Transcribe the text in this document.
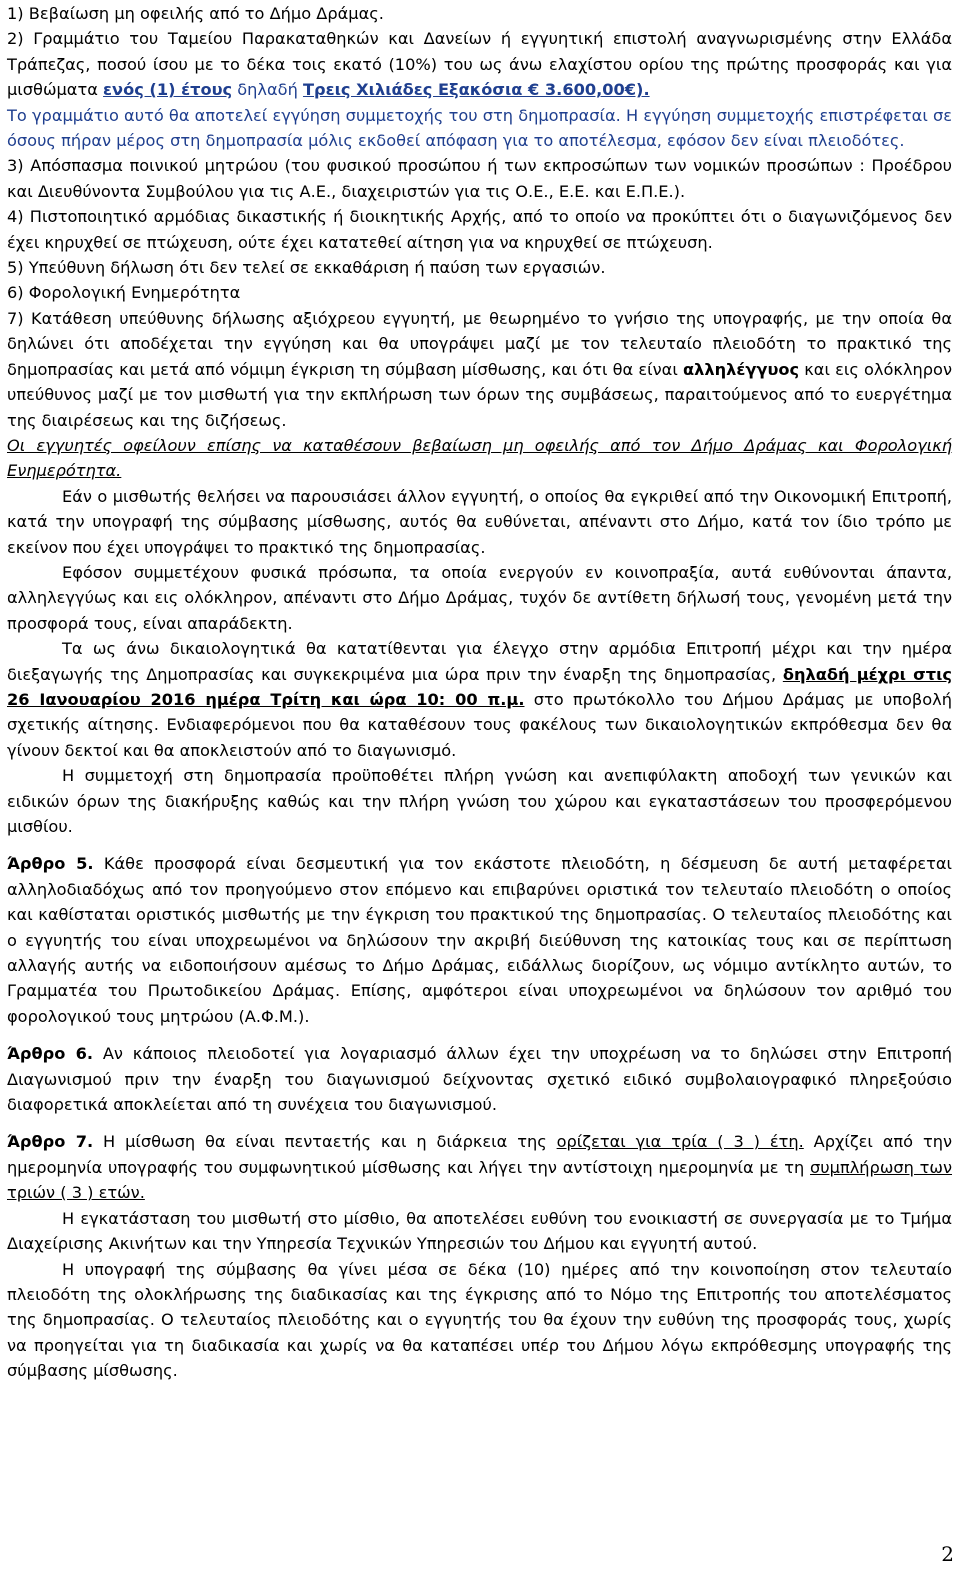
1) Βεβαίωση μη οφειλής από το Δήμο Δράμας.

2) Γραμμάτιο του Ταμείου Παρακαταθηκών και Δανείων ή εγγυητική επιστολή αναγνωρισμένης στην Ελλάδα Τράπεζας, ποσού ίσου με το δέκα τοις εκατό (10%) του ως άνω ελαχίστου ορίου της πρώτης προσφοράς και για μισθώματα ενός (1) έτους δηλαδή Τρεις Χιλιάδες Εξακόσια € 3.600,00€).

Το γραμμάτιο αυτό θα αποτελεί εγγύηση συμμετοχής του στη δημοπρασία. Η εγγύηση συμμετοχής επιστρέφεται σε όσους πήραν μέρος στη δημοπρασία μόλις εκδοθεί απόφαση για το αποτέλεσμα, εφόσον δεν είναι πλειοδότες.

3) Απόσπασμα ποινικού μητρώου (του φυσικού προσώπου ή των εκπροσώπων των νομικών προσώπων : Προέδρου και Διευθύνοντα Συμβούλου για τις Α.Ε., διαχειριστών για τις Ο.Ε., Ε.Ε. και Ε.Π.Ε.).

4) Πιστοποιητικό αρμόδιας δικαστικής ή διοικητικής Αρχής, από το οποίο να προκύπτει ότι ο διαγωνιζόμενος δεν έχει κηρυχθεί σε πτώχευση, ούτε έχει κατατεθεί αίτηση για να κηρυχθεί σε πτώχευση.

5) Υπεύθυνη δήλωση ότι δεν τελεί σε εκκαθάριση ή παύση των εργασιών.

6) Φορολογική Ενημερότητα

7) Κατάθεση υπεύθυνης δήλωσης αξιόχρεου εγγυητή, με θεωρημένο το γνήσιο της υπογραφής, με την οποία θα δηλώνει ότι αποδέχεται την εγγύηση και θα υπογράψει μαζί με τον τελευταίο πλειοδότη το πρακτικό της δημοπρασίας και μετά από νόμιμη έγκριση τη σύμβαση μίσθωσης, και ότι θα είναι αλληλέγγυος και εις ολόκληρον υπεύθυνος μαζί με τον μισθωτή για την εκπλήρωση των όρων της συμβάσεως, παραιτούμενος από το ευεργέτημα της διαιρέσεως και της διζήσεως.

Οι εγγυητές οφείλουν επίσης να καταθέσουν βεβαίωση μη οφειλής από τον Δήμο Δράμας και Φορολογική Ενημερότητα.

Εάν ο μισθωτής θελήσει να παρουσιάσει άλλον εγγυητή, ο οποίος θα εγκριθεί από την Οικονομική Επιτροπή, κατά την υπογραφή της σύμβασης μίσθωσης, αυτός θα ευθύνεται, απέναντι στο Δήμο, κατά τον ίδιο τρόπο με εκείνον που έχει υπογράψει το πρακτικό της δημοπρασίας.

Εφόσον συμμετέχουν φυσικά πρόσωπα, τα οποία ενεργούν εν κοινοπραξία, αυτά ευθύνονται άπαντα, αλληλεγγύως και εις ολόκληρον, απέναντι στο Δήμο Δράμας, τυχόν δε αντίθετη δήλωσή τους, γενομένη μετά την προσφορά τους, είναι απαράδεκτη.

Τα ως άνω δικαιολογητικά θα κατατίθενται για έλεγχο στην αρμόδια Επιτροπή μέχρι και την ημέρα διεξαγωγής της Δημοπρασίας και συγκεκριμένα μια ώρα πριν την έναρξη της δημοπρασίας, δηλαδή μέχρι στις 26 Ιανουαρίου 2016 ημέρα Τρίτη και ώρα 10: 00 π.μ. στο πρωτόκολλο του Δήμου Δράμας με υποβολή σχετικής αίτησης. Ενδιαφερόμενοι που θα καταθέσουν τους φακέλους των δικαιολογητικών εκπρόθεσμα δεν θα γίνουν δεκτοί και θα αποκλειστούν από το διαγωνισμό.

Η συμμετοχή στη δημοπρασία προϋποθέτει πλήρη γνώση και ανεπιφύλακτη αποδοχή των γενικών και ειδικών όρων της διακήρυξης καθώς και την πλήρη γνώση του χώρου και εγκαταστάσεων του προσφερόμενου μισθίου.

Άρθρο 5. Κάθε προσφορά είναι δεσμευτική για τον εκάστοτε πλειοδότη, η δέσμευση δε αυτή μεταφέρεται αλληλοδιαδόχως από τον προηγούμενο στον επόμενο και επιβαρύνει οριστικά τον τελευταίο πλειοδότη ο οποίος και καθίσταται οριστικός μισθωτής με την έγκριση του πρακτικού της δημοπρασίας. Ο τελευταίος πλειοδότης και ο εγγυητής του είναι υποχρεωμένοι να δηλώσουν την ακριβή διεύθυνση της κατοικίας τους και σε περίπτωση αλλαγής αυτής να ειδοποιήσουν αμέσως το Δήμο Δράμας, ειδάλλως διορίζουν, ως νόμιμο αντίκλητο αυτών, το Γραμματέα του Πρωτοδικείου Δράμας. Επίσης, αμφότεροι είναι υποχρεωμένοι να δηλώσουν τον αριθμό του φορολογικού τους μητρώου (Α.Φ.Μ.).

Άρθρο 6. Αν κάποιος πλειοδοτεί για λογαριασμό άλλων έχει την υποχρέωση να το δηλώσει στην Επιτροπή Διαγωνισμού πριν την έναρξη του διαγωνισμού δείχνοντας σχετικό ειδικό συμβολαιογραφικό πληρεξούσιο διαφορετικά αποκλείεται από τη συνέχεια του διαγωνισμού.

Άρθρο 7. Η μίσθωση θα είναι πενταετής και η διάρκεια της ορίζεται για τρία ( 3 ) έτη. Αρχίζει από την ημερομηνία υπογραφής του συμφωνητικού μίσθωσης και λήγει την αντίστοιχη ημερομηνία με τη συμπλήρωση των τριών ( 3 ) ετών.

Η εγκατάσταση του μισθωτή στο μίσθιο, θα αποτελέσει ευθύνη του ενοικιαστή σε συνεργασία με το Τμήμα Διαχείρισης Ακινήτων και την Υπηρεσία Τεχνικών Υπηρεσιών του Δήμου και εγγυητή αυτού.

Η υπογραφή της σύμβασης θα γίνει μέσα σε δέκα (10) ημέρες από την κοινοποίηση στον τελευταίο πλειοδότη της ολοκλήρωσης της διαδικασίας και της έγκρισης από το Νόμο της Επιτροπής του αποτελέσματος της δημοπρασίας. Ο τελευταίος πλειοδότης και ο εγγυητής του θα έχουν την ευθύνη της προσφοράς τους, χωρίς να προηγείται για τη διαδικασία και χωρίς να θα καταπέσει υπέρ του Δήμου λόγω εκπρόθεσμης υπογραφής της σύμβασης μίσθωσης.

2
